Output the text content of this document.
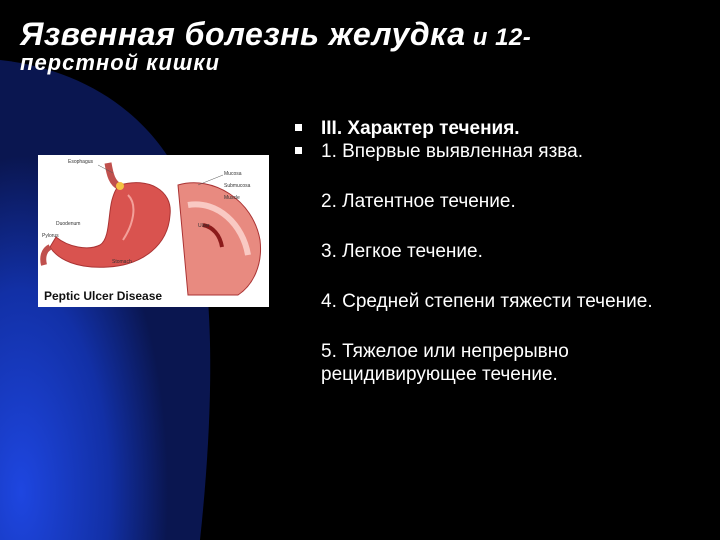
Язвенная болезнь желудка и 12-
перстной кишки
Esophagus
Mucosa
Submucosa
Muscle
Ulcer
Duodenum
Stomach
Pylorus
Peptic Ulcer Disease
III. Характер течения.
1. Впервые выявленная язва.
2. Латентное течение.
3. Легкое течение.
4. Средней степени тяжести течение.
5. Тяжелое или непрерывно рецидивирующее течение.
